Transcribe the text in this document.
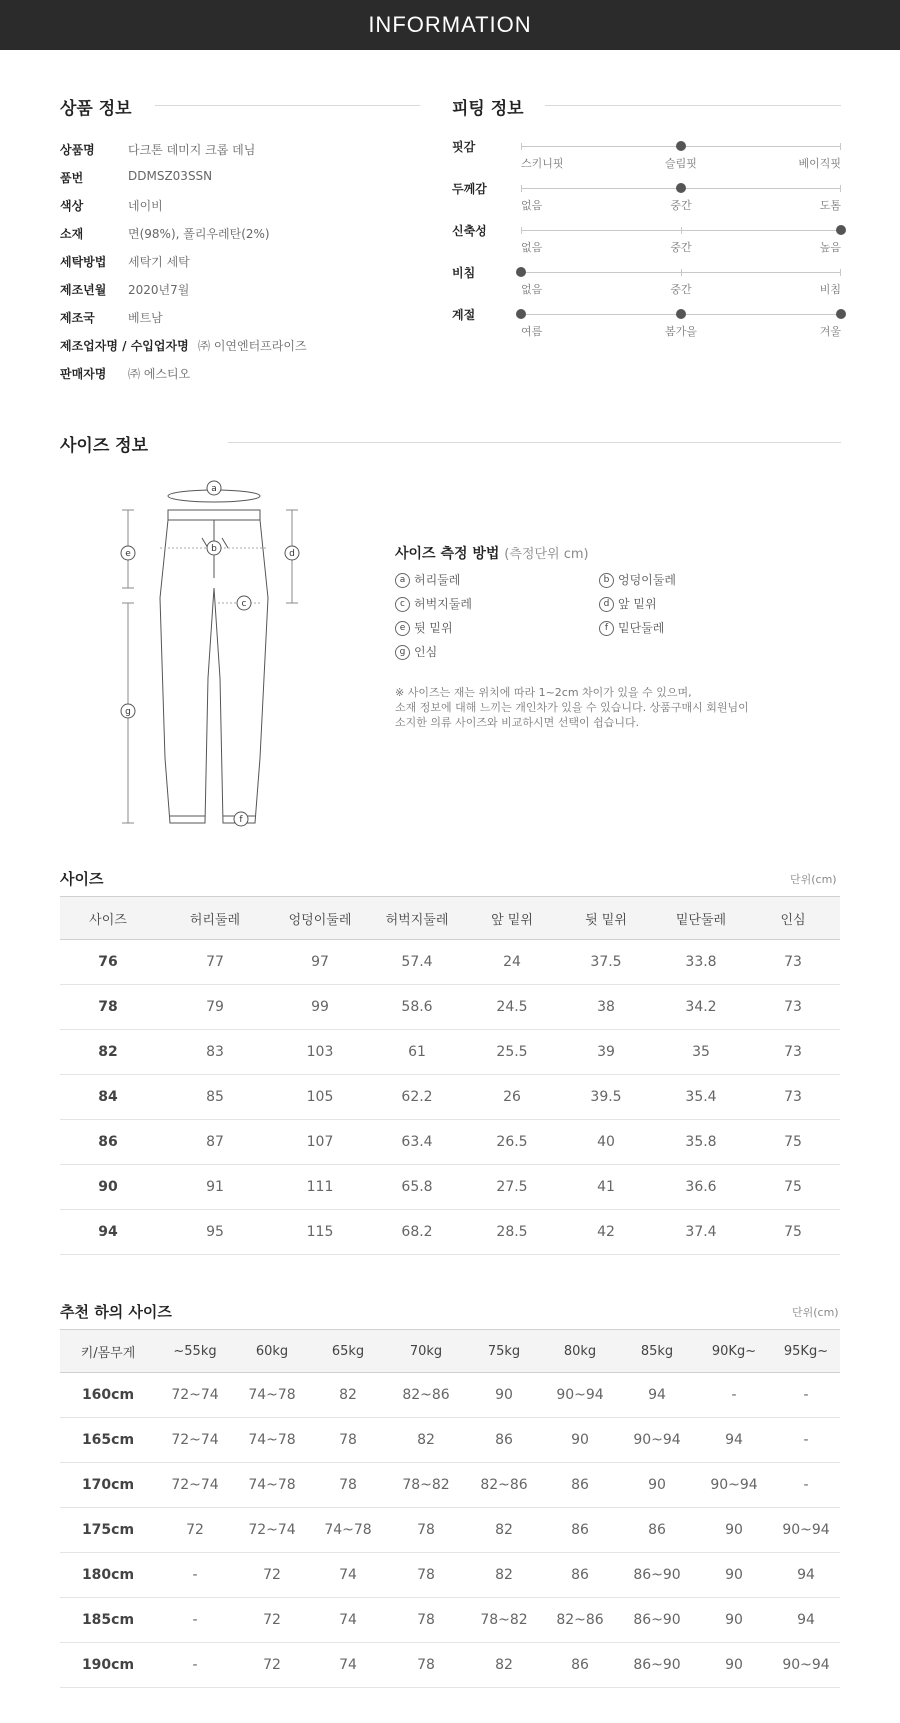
INFORMATION
상품 정보
상품명	다크톤 데미지 크롭 데님
품번	DDMSZ03SSN
색상	네이비
소재	면(98%), 폴리우레탄(2%)
세탁방법	세탁기 세탁
제조년월	2020년7월
제조국	베트남
제조업자명 / 수입업자명 ㈜ 이연엔터프라이즈
판매자명	㈜ 에스티오
피팅 정보
핏감
스키니핏	슬림핏	베이직핏
두께감
없음	중간	도톰
신축성
없음	중간	높음
비침
없음	중간	비침
계절
여름	봄가을	겨울
사이즈 정보
a
b
c
d
e
f
g
사이즈 측정 방법 (측정단위 cm)
a 허리둘레	b 엉덩이둘레
c 허벅지둘레	d 앞 밑위
e 뒷 밑위	f 밑단둘레
g 인심
※ 사이즈는 재는 위치에 따라 1~2cm 차이가 있을 수 있으며,
소재 정보에 대해 느끼는 개인차가 있을 수 있습니다. 상품구매시 회원님이
소지한 의류 사이즈와 비교하시면 선택이 쉽습니다.
사이즈	단위(cm)
사이즈	허리둘레	엉덩이둘레	허벅지둘레	앞 밑위	뒷 밑위	밑단둘레	인심
76	77	97	57.4	24	37.5	33.8	73
78	79	99	58.6	24.5	38	34.2	73
82	83	103	61	25.5	39	35	73
84	85	105	62.2	26	39.5	35.4	73
86	87	107	63.4	26.5	40	35.8	75
90	91	111	65.8	27.5	41	36.6	75
94	95	115	68.2	28.5	42	37.4	75
추천 하의 사이즈	단위(cm)
키/몸무게	~55kg	60kg	65kg	70kg	75kg	80kg	85kg	90Kg~	95Kg~
160cm	72~74	74~78	82	82~86	90	90~94	94	-	-
165cm	72~74	74~78	78	82	86	90	90~94	94	-
170cm	72~74	74~78	78	78~82	82~86	86	90	90~94	-
175cm	72	72~74	74~78	78	82	86	86	90	90~94
180cm	-	72	74	78	82	86	86~90	90	94
185cm	-	72	74	78	78~82	82~86	86~90	90	94
190cm	-	72	74	78	82	86	86~90	90	90~94
